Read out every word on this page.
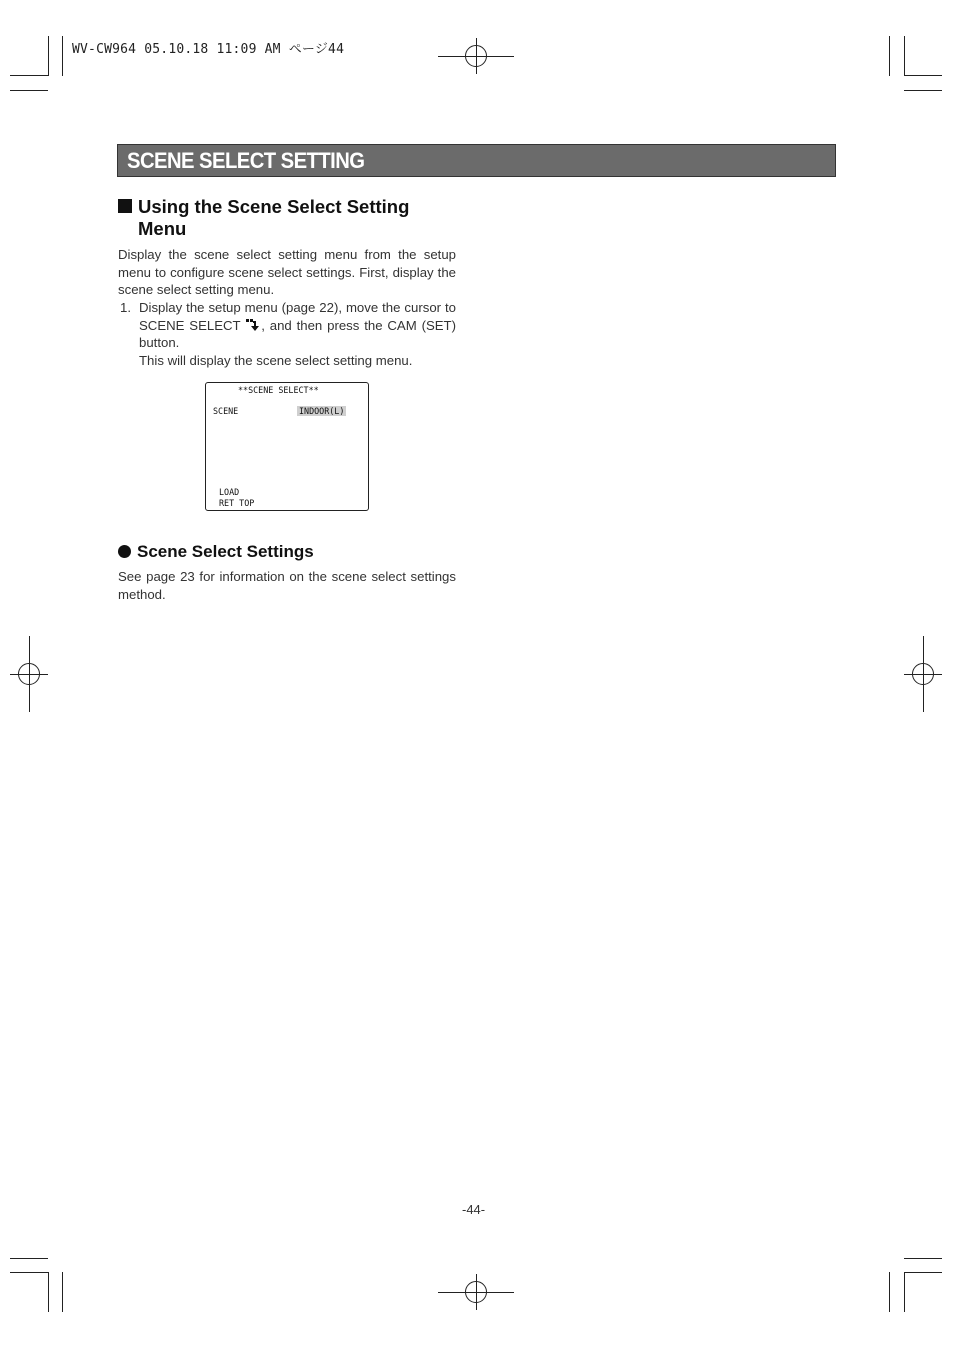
WV-CW964 05.10.18 11:09 AM ページ44
SCENE SELECT SETTING
Using the Scene Select Setting
Menu
Display the scene select setting menu from the setup menu to configure scene select settings. First, display the scene select setting menu.
1. Display the setup menu (page 22), move the cursor to SCENE SELECT , and then press the CAM (SET) button.
This will display the scene select setting menu.
**SCENE SELECT**
SCENE	INDOOR(L)
LOAD
RET TOP
Scene Select Settings
See page 23 for information on the scene select settings method.
-44-
